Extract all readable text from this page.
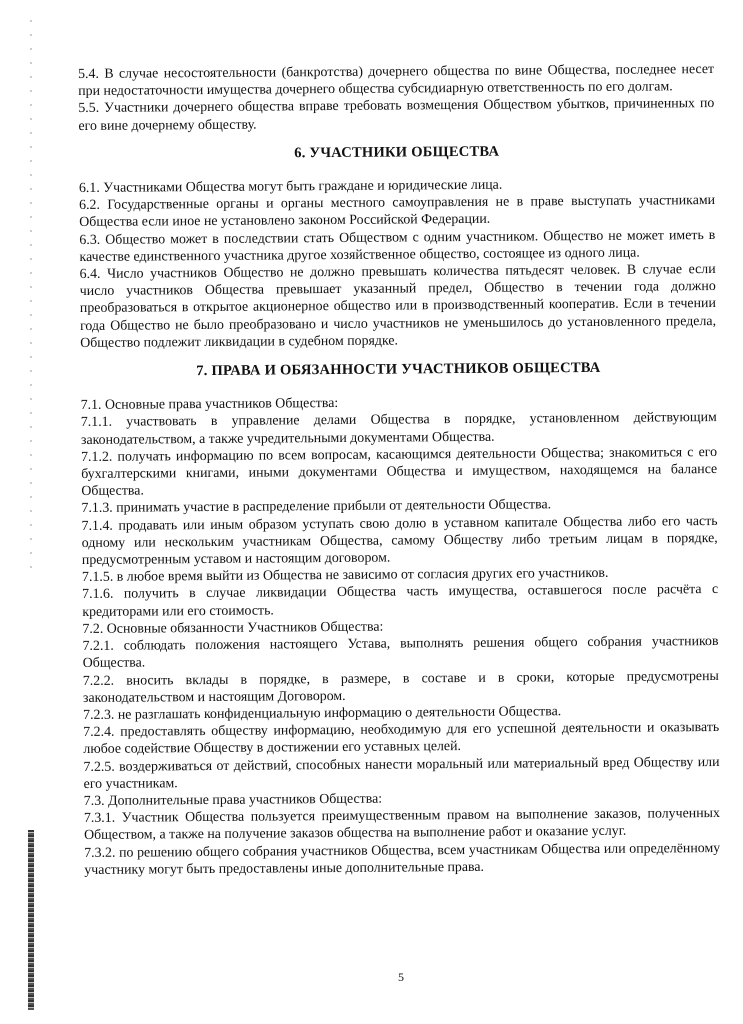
5.4. В случае несостоятельности (банкротства) дочернего общества по вине Общества, последнее несет при недостаточности имущества дочернего общества субсидиарную ответственность по его долгам.

5.5. Участники дочернего общества вправе требовать возмещения Обществом убытков, причиненных по его вине дочернему обществу.

6. УЧАСТНИКИ ОБЩЕСТВА

6.1. Участниками Общества могут быть граждане и юридические лица.

6.2. Государственные органы и органы местного самоуправления не в праве выступать участниками Общества если иное не установлено законом Российской Федерации.

6.3. Общество может в последствии стать Обществом с одним участником. Общество не может иметь в качестве единственного участника другое хозяйственное общество, состоящее из одного лица.

6.4. Число участников Общество не должно превышать количества пятьдесят человек. В случае если число участников Общества превышает указанный предел, Общество в течении года должно преобразоваться в открытое акционерное общество или в производственный кооператив. Если в течении года Общество не было преобразовано и число участников не уменьшилось до установленного предела, Общество подлежит ликвидации в судебном порядке.

7. ПРАВА И ОБЯЗАННОСТИ УЧАСТНИКОВ ОБЩЕСТВА

7.1. Основные права участников Общества:

7.1.1. участвовать в управление делами Общества в порядке, установленном действующим законодательством, а также учредительными документами Общества.

7.1.2. получать информацию по всем вопросам, касающимся деятельности Общества; знакомиться с его бухгалтерскими книгами, иными документами Общества и имуществом, находящемся на балансе Общества.

7.1.3. принимать участие в распределение прибыли от деятельности Общества.

7.1.4. продавать или иным образом уступать свою долю в уставном капитале Общества либо его часть одному или нескольким участникам Общества, самому Обществу либо третьим лицам в порядке, предусмотренным уставом и настоящим договором.

7.1.5. в любое время выйти из Общества не зависимо от согласия других его участников.

7.1.6. получить в случае ликвидации Общества часть имущества, оставшегося после расчёта с кредиторами или его стоимость.

7.2. Основные обязанности Участников Общества:

7.2.1. соблюдать положения настоящего Устава, выполнять решения общего собрания участников Общества.

7.2.2. вносить вклады в порядке, в размере, в составе и в сроки, которые предусмотрены законодательством и настоящим Договором.

7.2.3. не разглашать конфиденциальную информацию о деятельности Общества.

7.2.4. предоставлять обществу информацию, необходимую для его успешной деятельности и оказывать любое содействие Обществу в достижении его уставных целей.

7.2.5. воздерживаться от действий, способных нанести моральный или материальный вред Обществу или его участникам.

7.3. Дополнительные права участников Общества:

7.3.1. Участник Общества пользуется преимущественным правом на выполнение заказов, полученных Обществом, а также на получение заказов общества на выполнение работ и оказание услуг.

7.3.2. по решению общего собрания участников Общества, всем участникам Общества или определённому участнику могут быть предоставлены иные дополнительные права.

5
